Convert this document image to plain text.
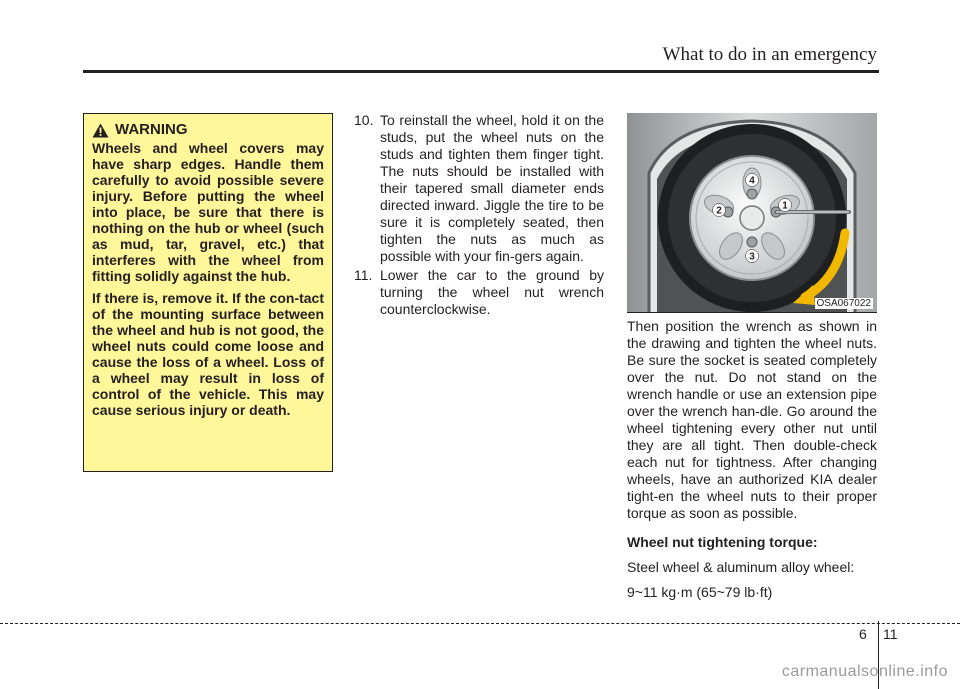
What to do in an emergency
WARNING

Wheels and wheel covers may have sharp edges. Handle them carefully to avoid possible severe injury. Before putting the wheel into place, be sure that there is nothing on the hub or wheel (such as mud, tar, gravel, etc.) that interferes with the wheel from fitting solidly against the hub.

If there is, remove it. If the con-tact of the mounting surface between the wheel and hub is not good, the wheel nuts could come loose and cause the loss of a wheel. Loss of a wheel may result in loss of control of the vehicle. This may cause serious injury or death.

10. To reinstall the wheel, hold it on the studs, put the wheel nuts on the studs and tighten them finger tight. The nuts should be installed with their tapered small diameter ends directed inward. Jiggle the tire to be sure it is completely seated, then tighten the nuts as much as possible with your fin-gers again.
11. Lower the car to the ground by turning the wheel nut wrench counterclockwise.
4
1
2
3
OSA067022

Then position the wrench as shown in the drawing and tighten the wheel nuts. Be sure the socket is seated completely over the nut. Do not stand on the wrench handle or use an extension pipe over the wrench han-dle. Go around the wheel tightening every other nut until they are all tight. Then double-check each nut for tightness. After changing wheels, have an authorized KIA dealer tight-en the wheel nuts to their proper torque as soon as possible.

Wheel nut tightening torque:

Steel wheel & aluminum alloy wheel:

9~11 kg·m (65~79 lb·ft)

6 11
carmanualsonline.info
